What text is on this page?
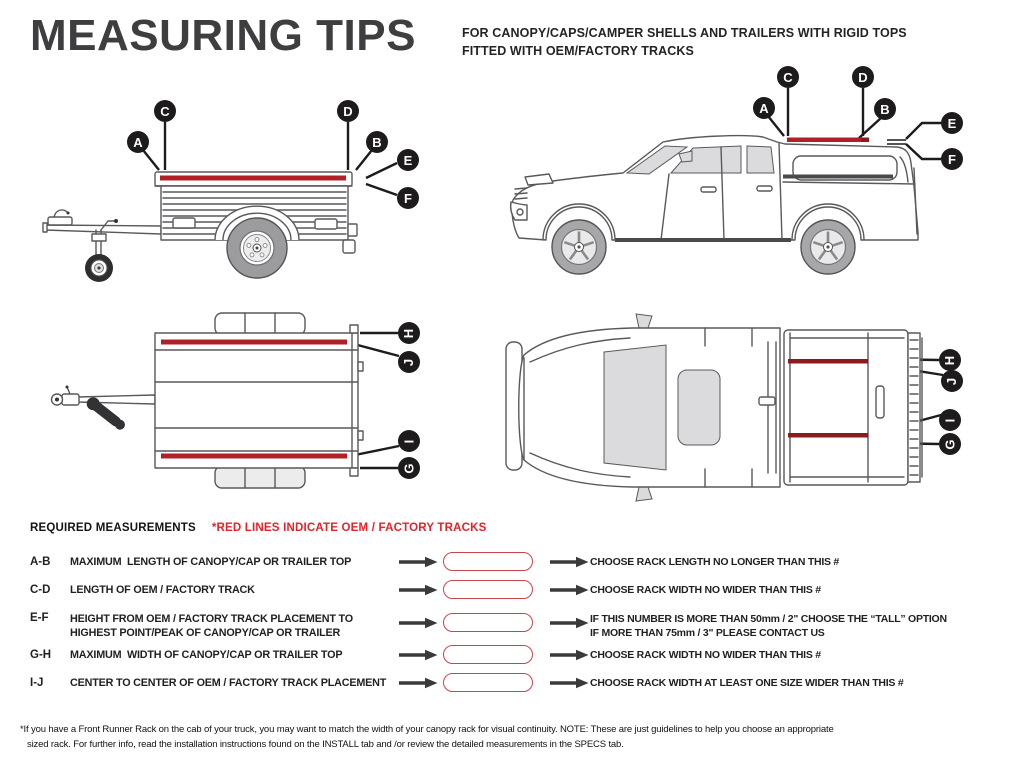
MEASURING TIPS	FOR CANOPY/CAPS/CAMPER SHELLS AND TRAILERS WITH RIGID TOPS
FITTED WITH OEM/FACTORY TRACKS
C
A
D
B
E
F
C	D
A	B
E
F
H
J
I
G
H
J
I
G
REQUIRED MEASUREMENTS *RED LINES INDICATE OEM / FACTORY TRACKS
A-B	MAXIMUM  LENGTH OF CANOPY/CAP OR TRAILER TOP	CHOOSE RACK LENGTH NO LONGER THAN THIS #
C-D	LENGTH OF OEM / FACTORY TRACK	CHOOSE RACK WIDTH NO WIDER THAN THIS #
E-F	HEIGHT FROM OEM / FACTORY TRACK PLACEMENT TO
HIGHEST POINT/PEAK OF CANOPY/CAP OR TRAILER
IF THIS NUMBER IS MORE THAN 50mm / 2" CHOOSE THE “TALL” OPTION
IF MORE THAN 75mm / 3" PLEASE CONTACT US
G-H	MAXIMUM  WIDTH OF CANOPY/CAP OR TRAILER TOP	CHOOSE RACK WIDTH NO WIDER THAN THIS #
I-J	CENTER TO CENTER OF OEM / FACTORY TRACK PLACEMENT	CHOOSE RACK WIDTH AT LEAST ONE SIZE WIDER THAN THIS #
*If you have a Front Runner Rack on the cab of your truck, you may want to match the width of your canopy rack for visual continuity. NOTE: These are just guidelines to help you choose an appropriate
sized rack. For further info, read the installation instructions found on the INSTALL tab and /or review the detailed measurements in the SPECS tab.
